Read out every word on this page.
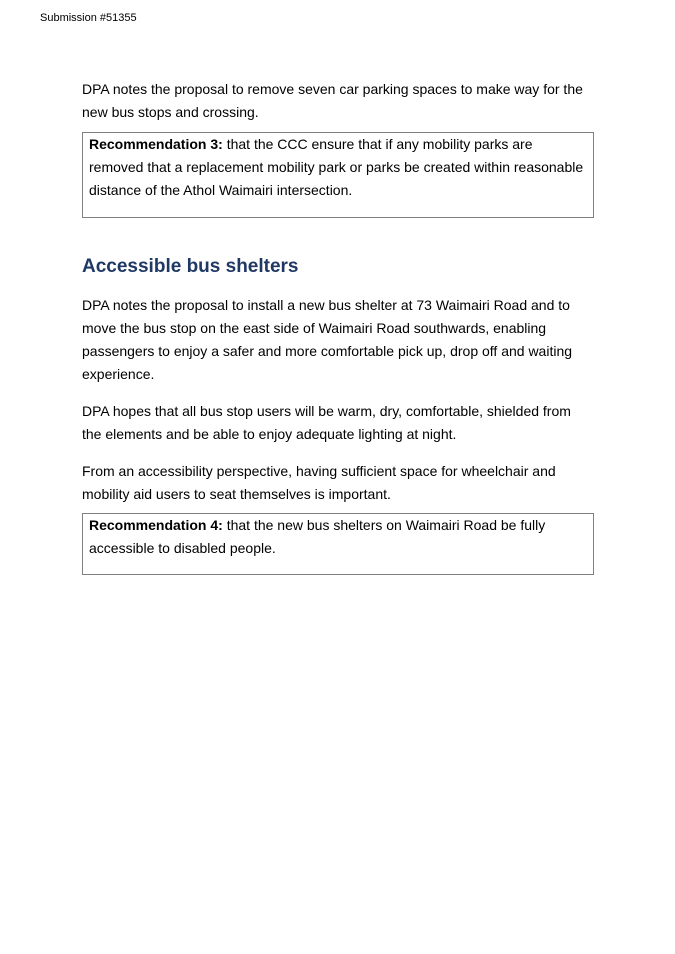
Submission #51355

DPA notes the proposal to remove seven car parking spaces to make way for the new bus stops and crossing.

Recommendation 3: that the CCC ensure that if any mobility parks are removed that a replacement mobility park or parks be created within reasonable distance of the Athol Waimairi intersection.
Accessible bus shelters

DPA notes the proposal to install a new bus shelter at 73 Waimairi Road and to move the bus stop on the east side of Waimairi Road southwards, enabling passengers to enjoy a safer and more comfortable pick up, drop off and waiting experience.

DPA hopes that all bus stop users will be warm, dry, comfortable, shielded from the elements and be able to enjoy adequate lighting at night.

From an accessibility perspective, having sufficient space for wheelchair and mobility aid users to seat themselves is important.

Recommendation 4: that the new bus shelters on Waimairi Road be fully accessible to disabled people.
